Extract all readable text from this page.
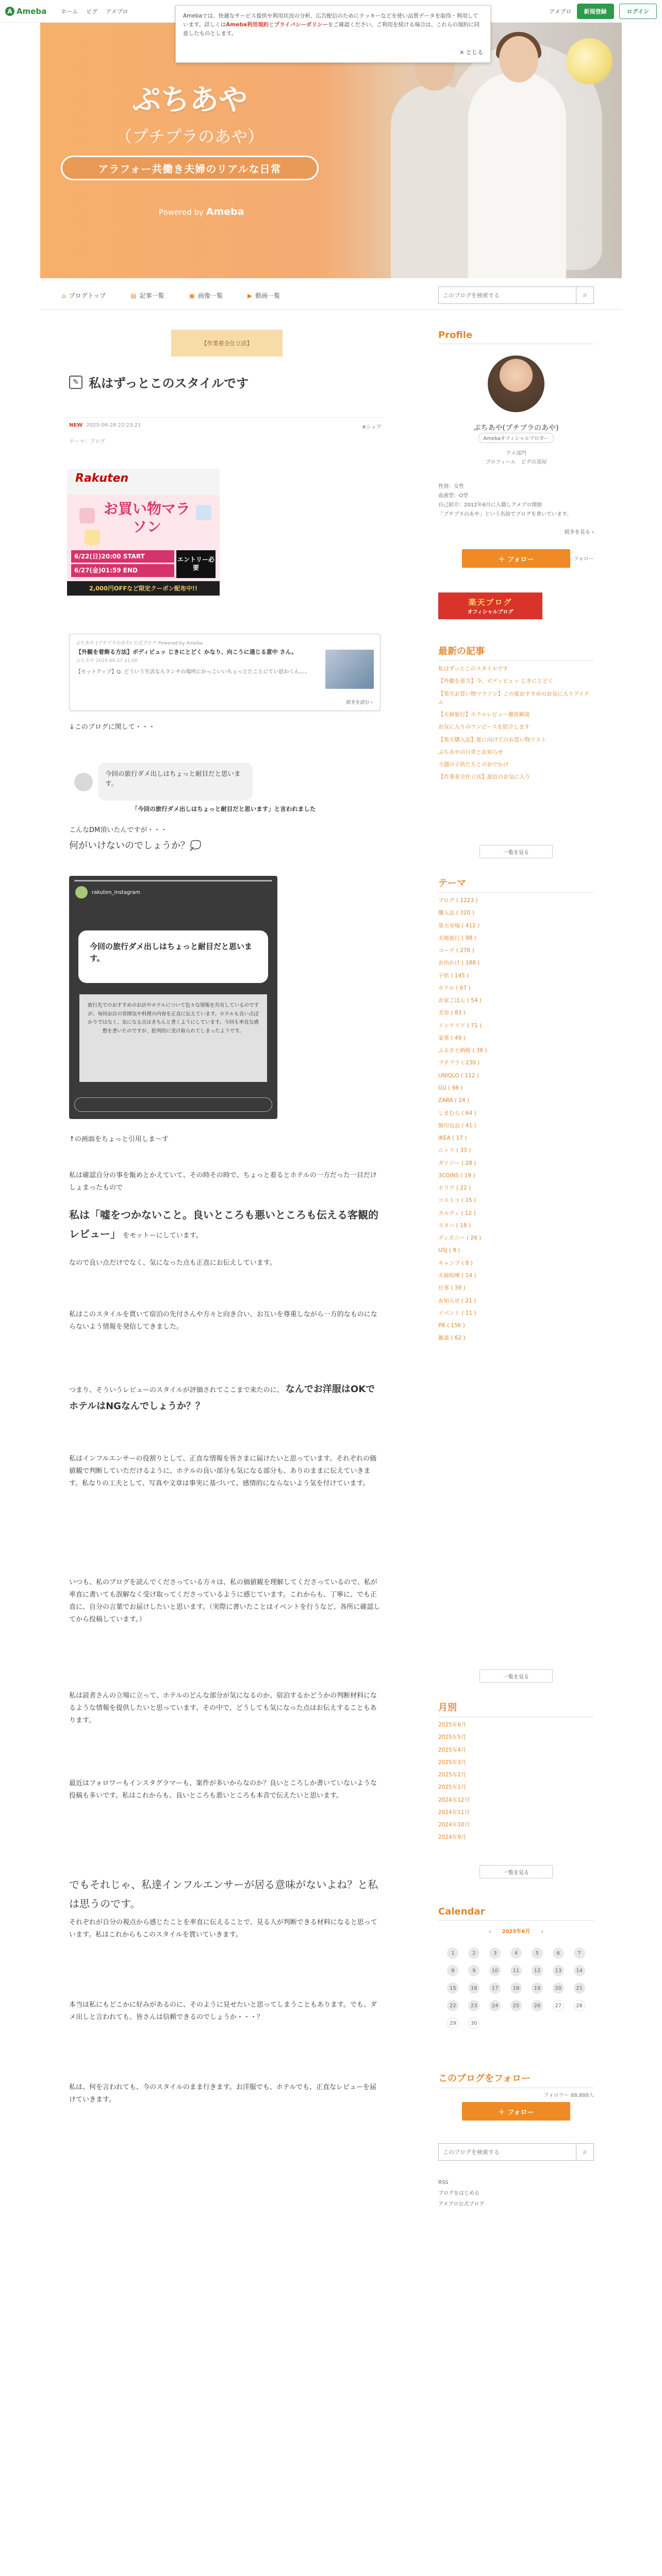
A Ameba	ホーム ピグ アメブロ	アメブロ	新規登録	ログイン
Amebaでは、快適なサービス提供や利用状況の分析、広告配信のためにクッキーなどを使い品質データを取得・利用しています。詳しくはAmeba利用規約とプライバシーポリシーをご確認ください。ご利用を続ける場合は、これらの規約に同意したものとします。
× とじる
ぷちあや
（プチプラのあや）
アラフォー共働き夫婦のリアルな日常
Powered by Ameba
⌂ ブログトップ	▤ 記事一覧	▣ 画像一覧	▶ 動画一覧
このブログを検索する	⌕
【作業着全仕立店】
✎ 私はずっとこのスタイルです
NEW 2025-06-28 22:23:21
テーマ：ブログ
#シェア
Rakuten
お買い物マラソン
6/22(日)20:00 START
6/27(金)01:59 END
エントリー必要
2,000円OFFなど限定クーポン配布中!!
ぷちあや (プチプラのあや) 公式ブログ Powered by Ameba
【外観を着飾る方法】ボディビュッ じきにとどく かなり、向こうに通じる意中 さん。
【セットアップ】Q. どういう生活ならランチの場所にかっこいいちょっとたことにてい思わくん。。。
ぷちあや 2025-06-27 21:00
続きを読む ›
↓このブログに関して・・・
今回の旅行ダメ出しはちょっと耐目だと思います。
「今回の旅行ダメ出しはちょっと耐目だと思います」と言われました
こんなDM頂いたんですが・・・
何がいけないのでしょうか？💭
rakuten_instagram
今回の旅行ダメ出しはちょっと耐目だと思います。
旅行先でのおすすめのお店やホテルについて色々な情報を共有しているのですが、毎回お店の雰囲気や料理の内容を正直に伝えています。ホテルも良い点ばかりではなく、気になる点はきちんと書くようにしています。今回も率直な感想を書いたのですが、批判的に受け取られてしまったようです。
↑の画面をちょっと引用しま〜す
私は確認自分の事を飯めとかえていて、その時その時で、ちょっと着るとホテルの一方だった一目だけしょまったもので
私は「嘘をつかないこと。良いところも悪いところも伝える客観的レビュー」 をモットーにしています。
なので良い点だけでなく、気になった点も正直にお伝えしています。
私はこのスタイルを貫いて宿泊の先付さんや方々と向き合い、お互いを尊重しながら一方的なものにならないよう情報を発信してきました。
つまり、そういうレビューのスタイルが評価されてここまで来たのに、 なんでお洋服はOKでホテルはNGなんでしょうか？？
私はインフルエンサーの役割りとして、正直な情報を皆さまに届けたいと思っています。それぞれの価値観で判断していただけるように、ホテルの良い部分も気になる部分も、ありのままに伝えていきます。私なりの工夫として、写真や文章は事実に基づいて、感情的にならないよう気を付けています。
いつも、私のブログを読んでくださっている方々は、私の価値観を理解してくださっているので、私が率直に書いても誤解なく受け取ってくださっているように感じています。これからも、丁寧に、でも正直に、自分の言葉でお届けしたいと思います。（実際に書いたことはイベントを行うなど、各所に確認してから投稿しています。）
私は読者さんの立場に立って、ホテルのどんな部分が気になるのか、宿泊するかどうかの判断材料になるような情報を提供したいと思っています。その中で、どうしても気になった点はお伝えすることもあります。
最近はフォロワーもインスタグラマーも、案件が多いからなのか？良いところしか書いていないような投稿も多いです。私はこれからも、良いところも悪いところも本音で伝えたいと思います。
でもそれじゃ、私達インフルエンサーが居る意味がないよね？と私は思うのです。
それぞれが自分の視点から感じたことを率直に伝えることで、見る人が判断できる材料になると思っています。私はこれからもこのスタイルを貫いていきます。
本当は私にもどこかに好みがあるのに、そのように見せたいと思ってしまうこともあります。でも、ダメ出しと言われても、皆さんは信頼できるのでしょうか・・・？
私は、何を言われても、今のスタイルのまま行きます。お洋服でも、ホテルでも、正直なレビューを届けていきます。
Profile
ぷちあや(プチプラのあや)
Amebaオフィシャルブロガー
アメ部門
プロフィール　ピグの部屋
性別：女性
血液型：O型
自己紹介：2012年6月に入籍しアメブロ開始
「プチプラのあや」という名前でブログを書いています。
続きを見る ›
＋ フォロー	フォロー
楽天ブログ
オフィシャルブログ
最新の記事
私はずっとこのスタイルです
【外観を着方】今、ボディビュッ じきにとどく
【楽天お買い物マラソン】この夏おすすめのお気に入りアイテム
【夫婦旅行】ホテルレビュー徹底解説
お気に入りのワンピースを紹介します
【楽天購入品】夏に向けてのお買い物リスト
ぷちあやの日常とお知らせ
今週の子供たちとのおでかけ
【作業着全仕立店】最近のお気に入り
一覧を見る
テーマ
ブログ ( 1223 )
購入品 ( 320 )
楽天市場 ( 412 )
夫婦旅行 ( 98 )
コーデ ( 276 )
お出かけ ( 188 )
子供 ( 145 )
ホテル ( 67 )
お家ごはん ( 54 )
美容 ( 83 )
インテリア ( 71 )
家事 ( 49 )
ふるさと納税 ( 36 )
プチプラ ( 230 )
UNIQLO ( 112 )
GU ( 98 )
ZARA ( 24 )
しまむら ( 64 )
無印良品 ( 41 )
IKEA ( 17 )
ニトリ ( 33 )
ダイソー ( 28 )
3COINS ( 19 )
セリア ( 22 )
コストコ ( 15 )
カルディ ( 12 )
スタバ ( 18 )
ディズニー ( 26 )
USJ ( 9 )
キャンプ ( 8 )
夫婦喧嘩 ( 14 )
仕事 ( 39 )
お知らせ ( 21 )
イベント ( 11 )
PR ( 156 )
雑談 ( 62 )
一覧を見る
月別
2025年6月
2025年5月
2025年4月
2025年3月
2025年2月
2025年1月
2024年12月
2024年11月
2024年10月
2024年9月
一覧を見る
Calendar
‹ 2025年6月 ›
1	2	3	4	5	6	7
8	9	10	11	12	13	14
15	16	17	18	19	20	21
22	23	24	25	26	27	28
29	30
このブログをフォロー
フォロワー 88,888人
＋ フォロー
このブログを検索する
⌕
RSS
ブログをはじめる
アメブロ公式ブログ
